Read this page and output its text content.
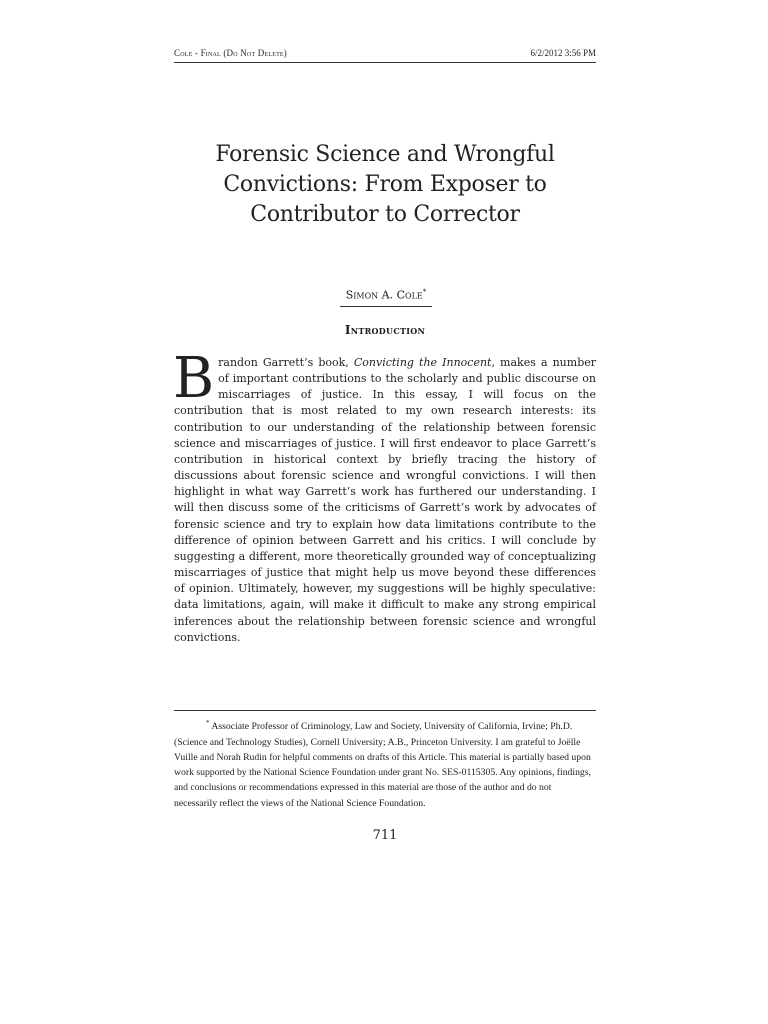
Cole - Final (Do Not Delete)	6/2/2012 3:56 PM
Forensic Science and Wrongful Convictions: From Exposer to Contributor to Corrector
Simon A. Cole*
Introduction
Brandon Garrett’s book, Convicting the Innocent, makes a number of important contributions to the scholarly and public discourse on miscarriages of justice. In this essay, I will focus on the contribution that is most related to my own research interests: its contribution to our understanding of the relationship between forensic science and miscarriages of justice. I will first endeavor to place Garrett’s contribution in historical context by briefly tracing the history of discussions about forensic science and wrongful convictions. I will then highlight in what way Garrett’s work has furthered our understanding. I will then discuss some of the criticisms of Garrett’s work by advocates of forensic science and try to explain how data limitations contribute to the difference of opinion between Garrett and his critics. I will conclude by suggesting a different, more theoretically grounded way of conceptualizing miscarriages of justice that might help us move beyond these differences of opinion. Ultimately, however, my suggestions will be highly speculative: data limitations, again, will make it difficult to make any strong empirical inferences about the relationship between forensic science and wrongful convictions.
* Associate Professor of Criminology, Law and Society, University of California, Irvine; Ph.D. (Science and Technology Studies), Cornell University; A.B., Princeton University. I am grateful to Joëlle Vuille and Norah Rudin for helpful comments on drafts of this Article. This material is partially based upon work supported by the National Science Foundation under grant No. SES-0115305. Any opinions, findings, and conclusions or recommendations expressed in this material are those of the author and do not necessarily reflect the views of the National Science Foundation.
711
